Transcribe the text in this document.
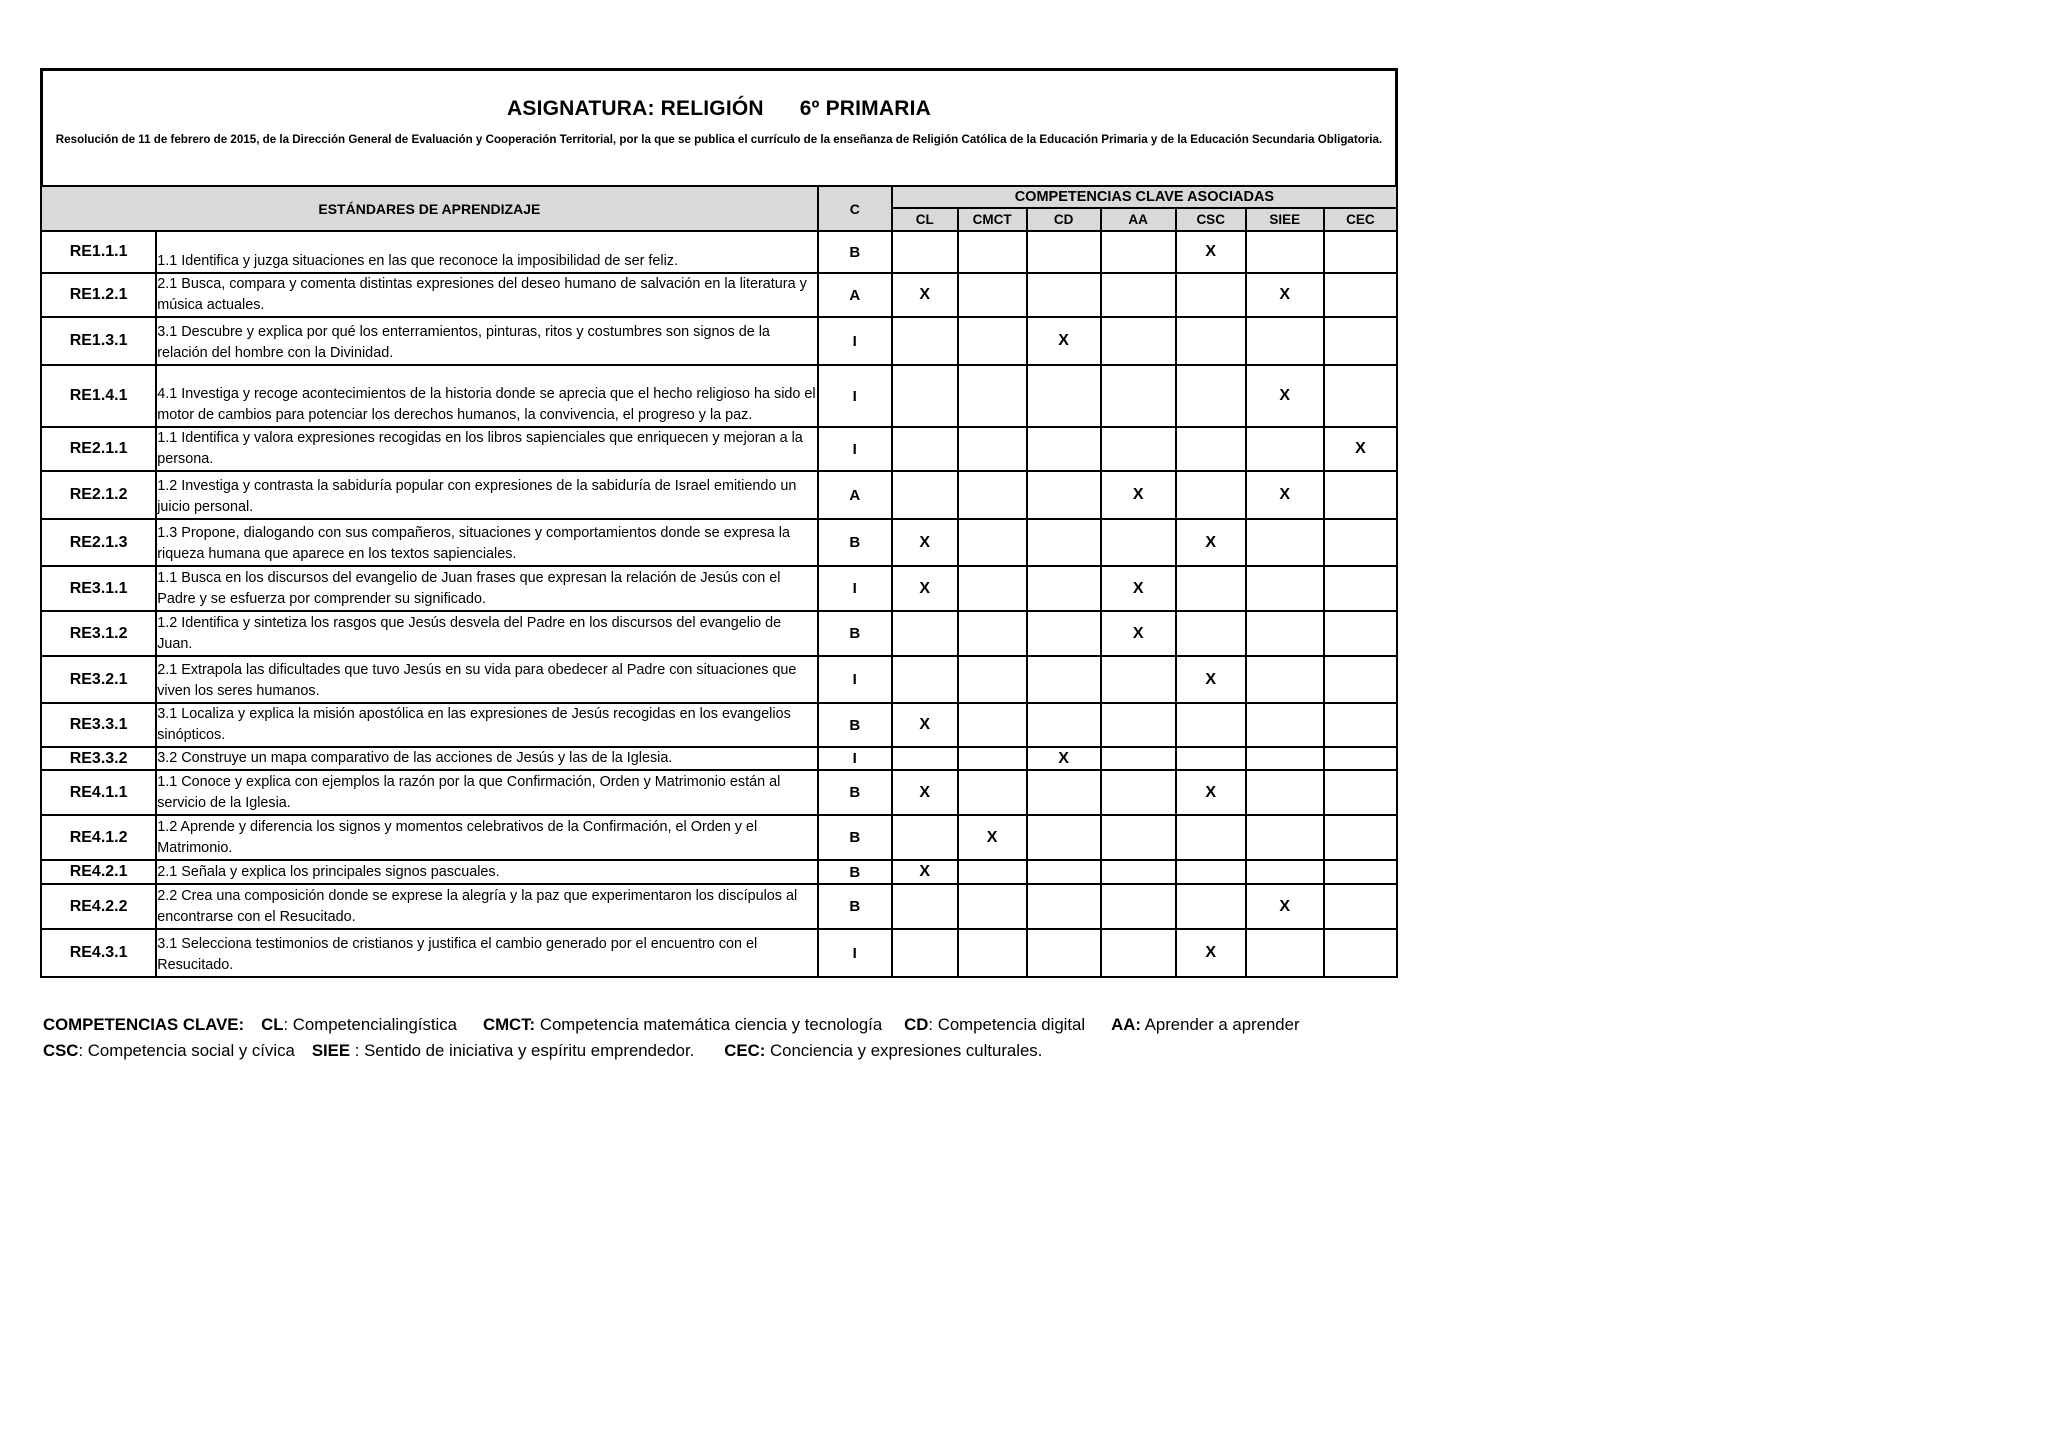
ASIGNATURA: RELIGIÓN 6º PRIMARIA
Resolución de 11 de febrero de 2015, de la Dirección General de Evaluación y Cooperación Territorial, por la que se publica el currículo de la enseñanza de Religión Católica de la Educación Primaria y de la Educación Secundaria Obligatoria.
ESTÁNDARES DE APRENDIZAJE		C	COMPETENCIAS CLAVE ASOCIADAS						
			CL	CMCT	CD	AA	CSC	SIEE	CEC
RE1.1.1	1.1 Identifica y juzga situaciones en las que reconoce la imposibilidad de ser feliz.	B					X		
RE1.2.1	2.1 Busca, compara y comenta distintas expresiones del deseo humano de salvación en la literatura y música actuales.	A	X					X	
RE1.3.1	3.1 Descubre y explica por qué los enterramientos, pinturas, ritos y costumbres son signos de la relación del hombre con la Divinidad.	I			X				
RE1.4.1	4.1 Investiga y recoge acontecimientos de la historia donde se aprecia que el hecho religioso ha sido el motor de cambios para potenciar los derechos humanos, la convivencia, el progreso y la paz.	I						X	
RE2.1.1	1.1 Identifica y valora expresiones recogidas en los libros sapienciales que enriquecen y mejoran a la persona.	I							X
RE2.1.2	1.2 Investiga y contrasta la sabiduría popular con expresiones de la sabiduría de Israel emitiendo un juicio personal.	A				X		X	
RE2.1.3	1.3 Propone, dialogando con sus compañeros, situaciones y comportamientos donde se expresa la riqueza humana que aparece en los textos sapienciales.	B	X				X		
RE3.1.1	1.1 Busca en los discursos del evangelio de Juan frases que expresan la relación de Jesús con el Padre y se esfuerza por comprender su significado.	I	X			X			
RE3.1.2	1.2 Identifica y sintetiza los rasgos que Jesús desvela del Padre en los discursos del evangelio de Juan.	B				X			
RE3.2.1	2.1 Extrapola las dificultades que tuvo Jesús en su vida para obedecer al Padre con situaciones que viven los seres humanos.	I					X		
RE3.3.1	3.1 Localiza y explica la misión apostólica en las expresiones de Jesús recogidas en los evangelios sinópticos.	B	X						
RE3.3.2	3.2 Construye un mapa comparativo de las acciones de Jesús y las de la Iglesia.	I			X				
RE4.1.1	1.1 Conoce y explica con ejemplos la razón por la que Confirmación, Orden y Matrimonio están al servicio de la Iglesia.	B	X				X		
RE4.1.2	1.2 Aprende y diferencia los signos y momentos celebrativos de la Confirmación, el Orden y el Matrimonio.	B		X					
RE4.2.1	2.1 Señala y explica los principales signos pascuales.	B	X						
RE4.2.2	2.2 Crea una composición donde se exprese la alegría y la paz que experimentaron los discípulos al encontrarse con el Resucitado.	B						X	
RE4.3.1	3.1 Selecciona testimonios de cristianos y justifica el cambio generado por el encuentro con el Resucitado.	I					X		
COMPETENCIAS CLAVE: CL: Competencialingística CMCT: Competencia matemática ciencia y tecnología CD: Competencia digital AA: Aprender a aprender
CSC: Competencia social y cívica SIEE : Sentido de iniciativa y espíritu emprendedor. CEC: Conciencia y expresiones culturales.
